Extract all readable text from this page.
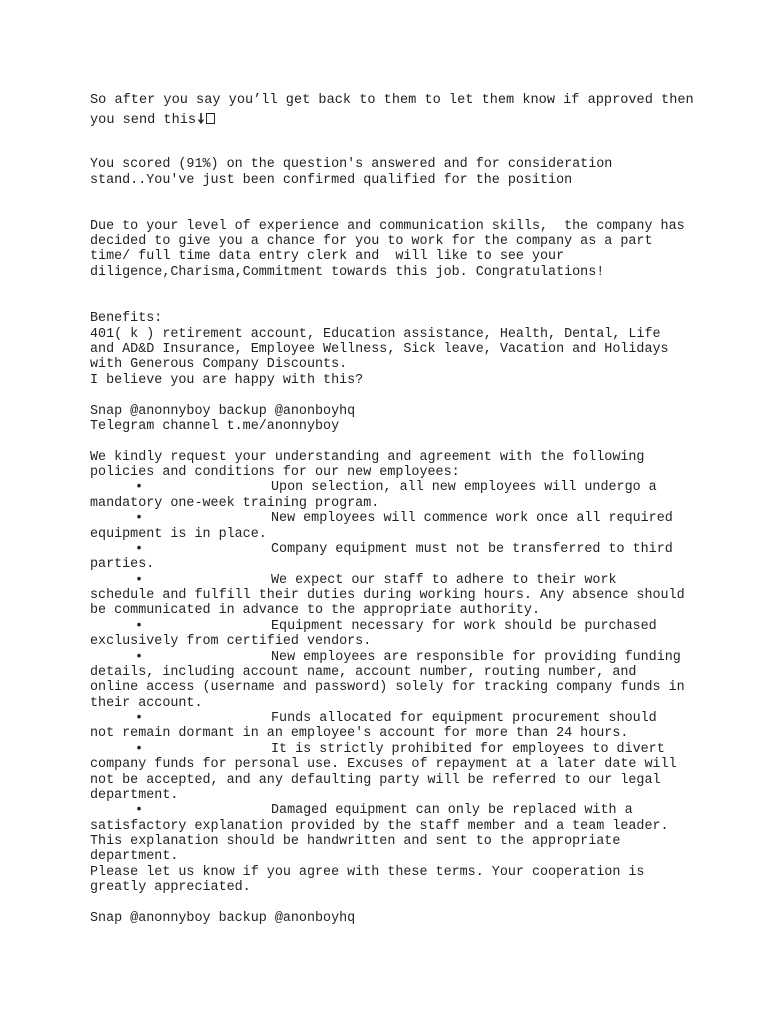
So after you say you’ll get back to them to let them know if approved then
you send this
You scored (91%) on the question's answered and for consideration
stand..You've just been confirmed qualified for the position
Due to your level of experience and communication skills,  the company has
decided to give you a chance for you to work for the company as a part
time/ full time data entry clerk and  will like to see your
diligence,Charisma,Commitment towards this job. Congratulations!
Benefits:
401( k ) retirement account, Education assistance, Health, Dental, Life
and AD&D Insurance, Employee Wellness, Sick leave, Vacation and Holidays
with Generous Company Discounts.
I believe you are happy with this?
Snap @anonnyboy backup @anonboyhq
Telegram channel t.me/anonnyboy
We kindly request your understanding and agreement with the following
policies and conditions for our new employees:
•	Upon selection, all new employees will undergo a
mandatory one-week training program.
•	New employees will commence work once all required
equipment is in place.
•	Company equipment must not be transferred to third
parties.
•	We expect our staff to adhere to their work
schedule and fulfill their duties during working hours. Any absence should
be communicated in advance to the appropriate authority.
•	Equipment necessary for work should be purchased
exclusively from certified vendors.
•	New employees are responsible for providing funding
details, including account name, account number, routing number, and
online access (username and password) solely for tracking company funds in
their account.
•	Funds allocated for equipment procurement should
not remain dormant in an employee's account for more than 24 hours.
•	It is strictly prohibited for employees to divert
company funds for personal use. Excuses of repayment at a later date will
not be accepted, and any defaulting party will be referred to our legal
department.
•	Damaged equipment can only be replaced with a
satisfactory explanation provided by the staff member and a team leader.
This explanation should be handwritten and sent to the appropriate
department.
Please let us know if you agree with these terms. Your cooperation is
greatly appreciated.
Snap @anonnyboy backup @anonboyhq
